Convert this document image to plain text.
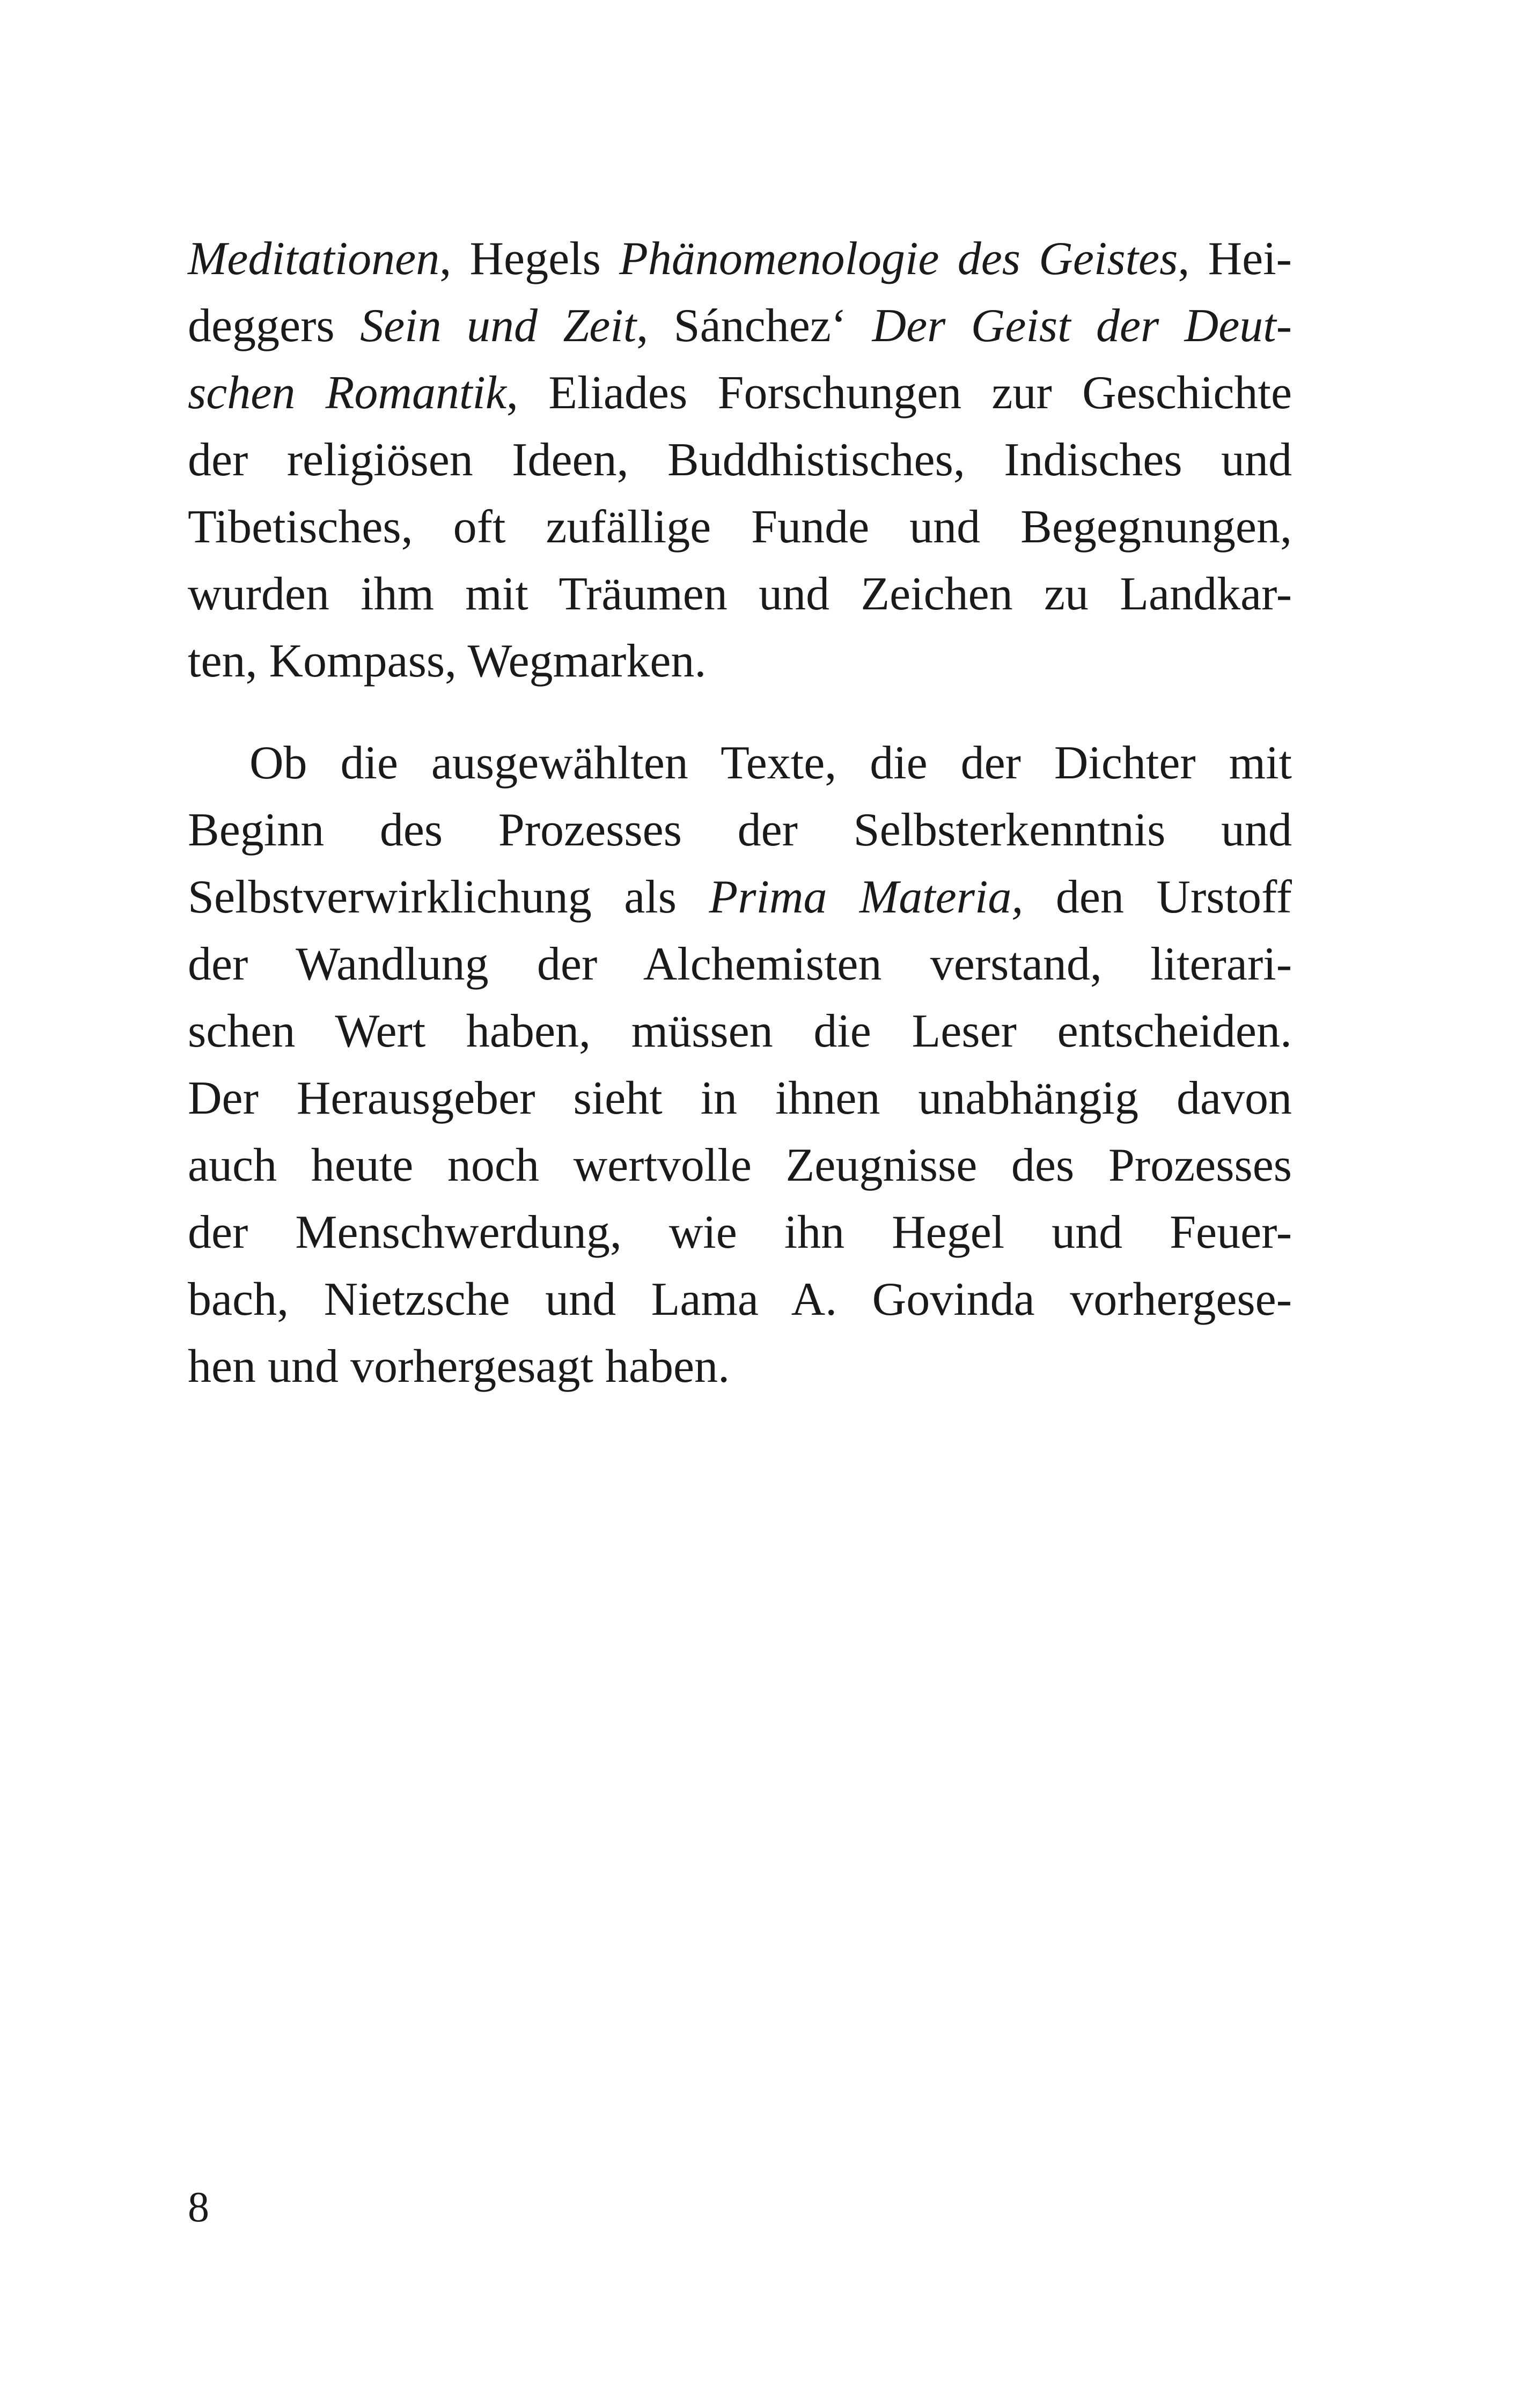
Meditationen, Hegels Phänomenologie des Geistes, Hei-
deggers Sein und Zeit, Sánchez‘ Der Geist der Deut-
schen Romantik, Eliades Forschungen zur Geschichte
der religiösen Ideen, Buddhistisches, Indisches und
Tibetisches, oft zufällige Funde und Begegnungen,
wurden ihm mit Träumen und Zeichen zu Landkar-
ten, Kompass, Wegmarken.
Ob die ausgewählten Texte, die der Dichter mit
Beginn des Prozesses der Selbsterkenntnis und
Selbstverwirklichung als Prima Materia, den Urstoff
der Wandlung der Alchemisten verstand, literari-
schen Wert haben, müssen die Leser entscheiden.
Der Herausgeber sieht in ihnen unabhängig davon
auch heute noch wertvolle Zeugnisse des Prozesses
der Menschwerdung, wie ihn Hegel und Feuer-
bach, Nietzsche und Lama A. Govinda vorhergese-
hen und vorhergesagt haben.
8
